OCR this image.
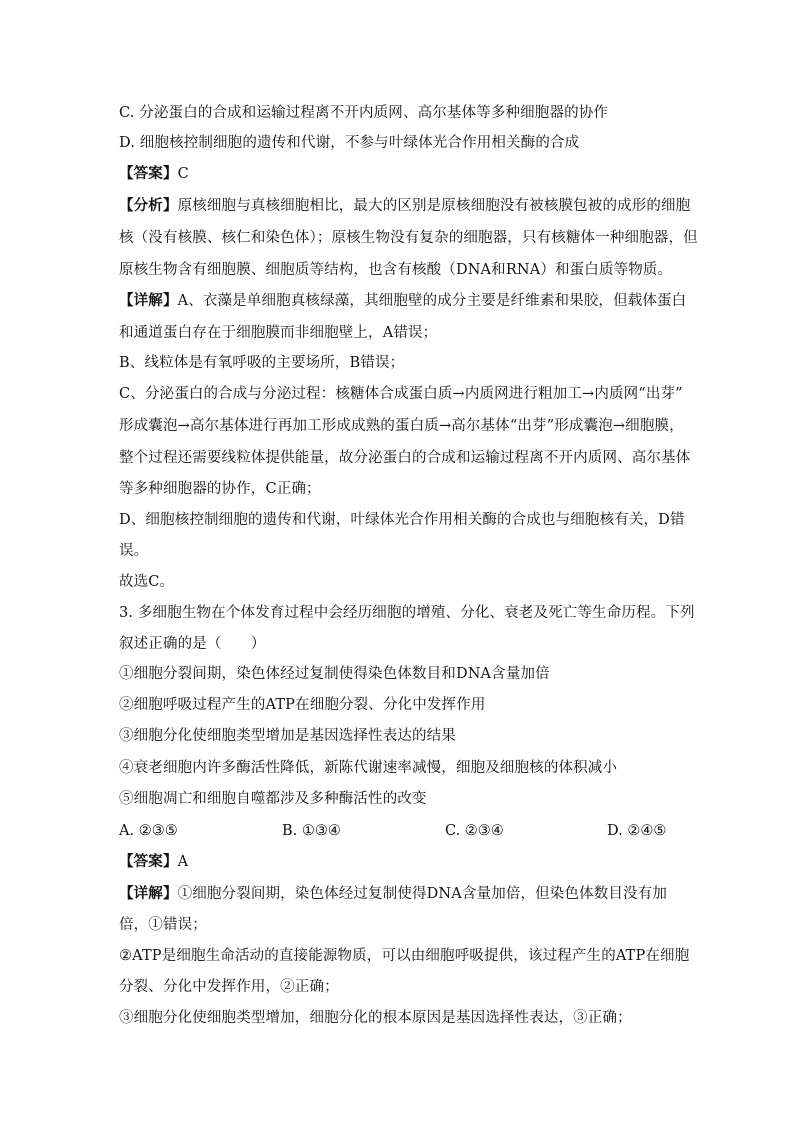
C. 分泌蛋白的合成和运输过程离不开内质网、高尔基体等多种细胞器的协作
D. 细胞核控制细胞的遗传和代谢，不参与叶绿体光合作用相关酶的合成
【答案】C
【分析】原核细胞与真核细胞相比，最大的区别是原核细胞没有被核膜包被的成形的细胞
核（没有核膜、核仁和染色体）；原核生物没有复杂的细胞器，只有核糖体一种细胞器，但
原核生物含有细胞膜、细胞质等结构，也含有核酸（DNA和RNA）和蛋白质等物质。
【详解】A、衣藻是单细胞真核绿藻，其细胞壁的成分主要是纤维素和果胶，但载体蛋白
和通道蛋白存在于细胞膜而非细胞壁上，A错误；
B、线粒体是有氧呼吸的主要场所，B错误；
C、分泌蛋白的合成与分泌过程：核糖体合成蛋白质→内质网进行粗加工→内质网“出芽”
形成囊泡→高尔基体进行再加工形成成熟的蛋白质→高尔基体“出芽”形成囊泡→细胞膜，
整个过程还需要线粒体提供能量，故分泌蛋白的合成和运输过程离不开内质网、高尔基体
等多种细胞器的协作，C正确；
D、细胞核控制细胞的遗传和代谢，叶绿体光合作用相关酶的合成也与细胞核有关，D错
误。
故选C。
3. 多细胞生物在个体发育过程中会经历细胞的增殖、分化、衰老及死亡等生命历程。下列
叙述正确的是（　　）
①细胞分裂间期，染色体经过复制使得染色体数目和DNA含量加倍
②细胞呼吸过程产生的ATP在细胞分裂、分化中发挥作用
③细胞分化使细胞类型增加是基因选择性表达的结果
④衰老细胞内许多酶活性降低，新陈代谢速率减慢，细胞及细胞核的体积减小
⑤细胞凋亡和细胞自噬都涉及多种酶活性的改变
A. ②③⑤	B. ①③④	C. ②③④	D. ②④⑤
【答案】A
【详解】①细胞分裂间期，染色体经过复制使得DNA含量加倍，但染色体数目没有加
倍，①错误；
②ATP是细胞生命活动的直接能源物质，可以由细胞呼吸提供，该过程产生的ATP在细胞
分裂、分化中发挥作用，②正确；
③细胞分化使细胞类型增加，细胞分化的根本原因是基因选择性表达，③正确；
